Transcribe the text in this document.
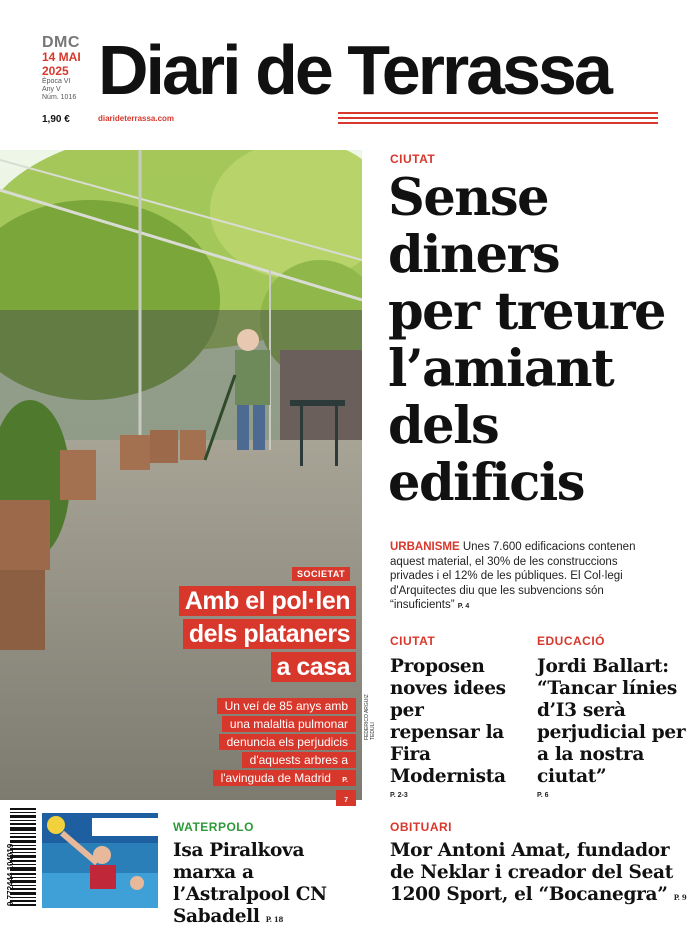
DMC
14 MAI
2025
Època VI
Any V
Núm. 1016
1,90 €
Diari de Terrassa
diarideterrassa.com
FEDERICO ARGUIZ TEDULI
SOCIETAT
Amb el pol·len
dels plataners
a casa
Un veí de 85 anys amb una malaltia pulmonar denuncia els perjudicis d'aquests arbres a l'avinguda de Madrid P. 7
CIUTAT
Sense
diners
per treure
l’amiant
dels
edificis
URBANISME Unes 7.600 edificacions contenen aquest material, el 30% de les construccions privades i el 12% de les públiques. El Col·legi d'Arquitectes diu que les subvencions són “insuficients” P. 4
CIUTAT
Proposen noves idees per repensar la Fira Modernista
P. 2-3
EDUCACIÓ
Jordi Ballart: “Tancar línies d’I3 serà perjudicial per a la nostra ciutat”
P. 6
9 772444 104019
WATERPOLO
Isa Piralkova marxa a l’Astralpool CN Sabadell P. 18
OBITUARI
Mor Antoni Amat, fundador de Neklar i creador del Seat 1200 Sport, el “Bocanegra” P. 9
